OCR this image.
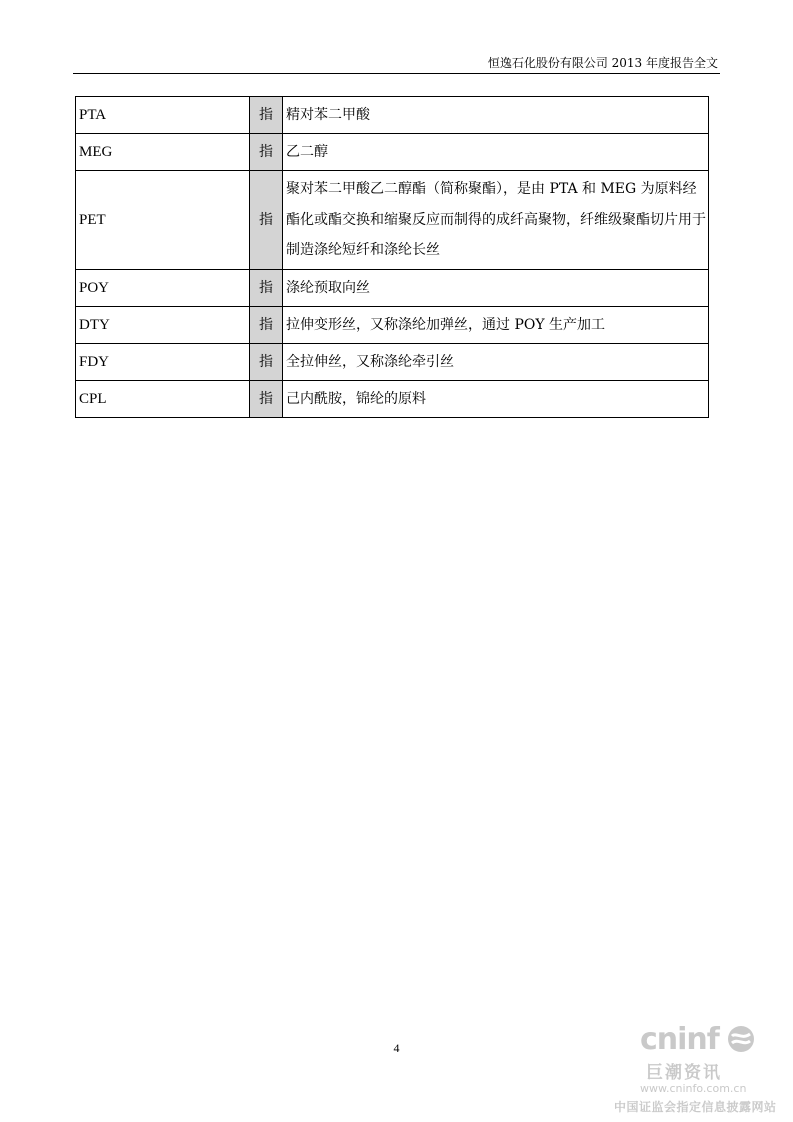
恒逸石化股份有限公司 2013 年度报告全文
PTA	指	精对苯二甲酸
MEG	指	乙二醇
PET	指	聚对苯二甲酸乙二醇酯（简称聚酯），是由 PTA 和 MEG 为原料经酯化或酯交换和缩聚反应而制得的成纤高聚物，纤维级聚酯切片用于制造涤纶短纤和涤纶长丝
POY	指	涤纶预取向丝
DTY	指	拉伸变形丝，又称涤纶加弹丝，通过 POY 生产加工
FDY	指	全拉伸丝，又称涤纶牵引丝
CPL	指	己内酰胺，锦纶的原料
4	cninf
巨潮资讯
www.cninfo.com.cn
中国证监会指定信息披露网站
